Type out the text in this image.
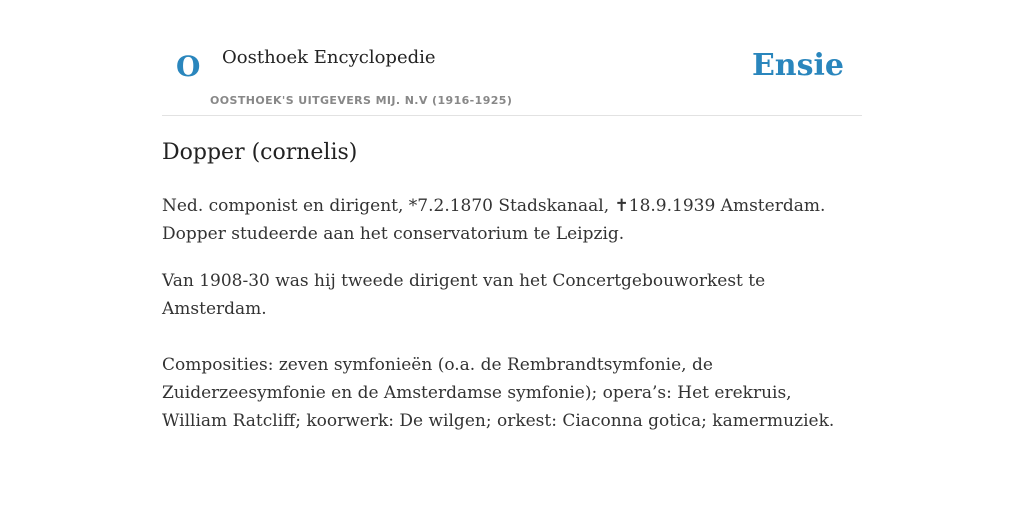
O Oosthoek Encyclopedie
OOSTHOEK'S UITGEVERS MIJ. N.V (1916-1925)
Ensie
Dopper (cornelis)

Ned. componist en dirigent, *7.2.1870 Stadskanaal, ✝18.9.1939 Amsterdam. Dopper studeerde aan het conservatorium te Leipzig.

Van 1908-30 was hij tweede dirigent van het Concertgebouworkest te Amsterdam.

Composities: zeven symfonieën (o.a. de Rembrandtsymfonie, de Zuiderzeesymfonie en de Amsterdamse symfonie); opera’s: Het erekruis, William Ratcliff; koorwerk: De wilgen; orkest: Ciaconna gotica; kamermuziek.
